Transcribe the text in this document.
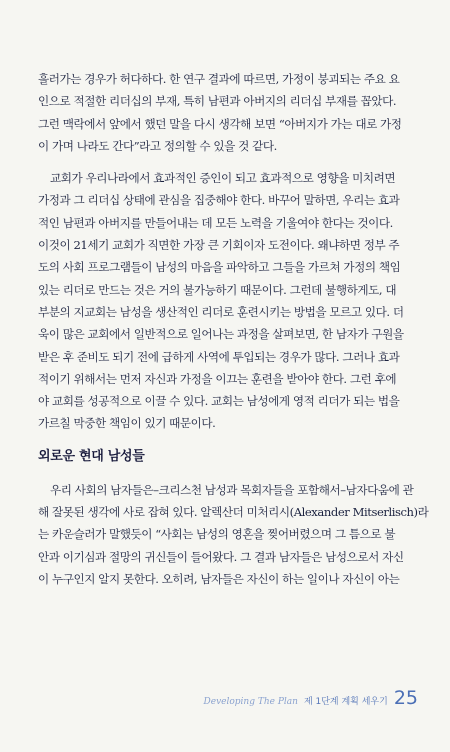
흘러가는 경우가 허다하다. 한 연구 결과에 따르면, 가정이 붕괴되는 주요 요

인으로 적절한 리더십의 부재, 특히 남편과 아버지의 리더십 부재를 꼽았다.

그런 맥락에서 앞에서 했던 말을 다시 생각해 보면 “아버지가 가는 대로 가정

이 가며 나라도 간다”라고 정의할 수 있을 것 같다.

교회가 우리나라에서 효과적인 증인이 되고 효과적으로 영향을 미치려면

가정과 그 리더십 상태에 관심을 집중해야 한다. 바꾸어 말하면, 우리는 효과

적인 남편과 아버지를 만들어내는 데 모든 노력을 기울여야 한다는 것이다.

이것이 21세기 교회가 직면한 가장 큰 기회이자 도전이다. 왜냐하면 정부 주

도의 사회 프로그램들이 남성의 마음을 파악하고 그들을 가르쳐 가정의 책임

있는 리더로 만드는 것은 거의 불가능하기 때문이다. 그런데 불행하게도, 대

부분의 지교회는 남성을 생산적인 리더로 훈련시키는 방법을 모르고 있다. 더

욱이 많은 교회에서 일반적으로 일어나는 과정을 살펴보면, 한 남자가 구원을

받은 후 준비도 되기 전에 급하게 사역에 투입되는 경우가 많다. 그러나 효과

적이기 위해서는 먼저 자신과 가정을 이끄는 훈련을 받아야 한다. 그런 후에

야 교회를 성공적으로 이끌 수 있다. 교회는 남성에게 영적 리더가 되는 법을

가르칠 막중한 책임이 있기 때문이다.

외로운 현대 남성들

우리 사회의 남자들은–크리스천 남성과 목회자들을 포함해서–남자다움에 관

해 잘못된 생각에 사로 잡혀 있다. 알렉산더 미처리시(Alexander Mitserlisch)라

는 카운슬러가 말했듯이 “사회는 남성의 영혼을 찢어버렸으며 그 틈으로 불

안과 이기심과 절망의 귀신들이 들어왔다. 그 결과 남자들은 남성으로서 자신

이 누구인지 알지 못한다. 오히려, 남자들은 자신이 하는 일이나 자신이 아는

Developing The Plan 제 1단계 계획 세우기 25
